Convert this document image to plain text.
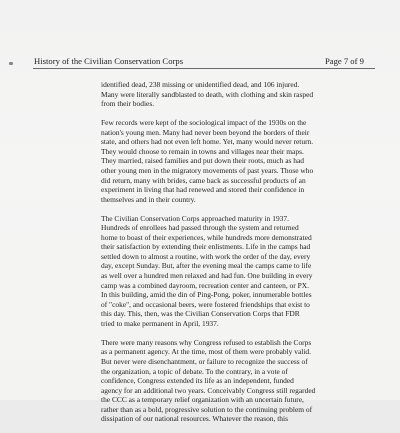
History of the Civilian Conservation Corps	Page 7 of 9
identified dead, 238 missing or unidentified dead, and 106 injured.
Many were literally sandblasted to death, with clothing and skin rasped
from their bodies.
Few records were kept of the sociological impact of the 1930s on the
nation's young men. Many had never been beyond the borders of their
state, and others had not even left home. Yet, many would never return.
They would choose to remain in towns and villages near their maps.
They married, raised families and put down their roots, much as had
other young men in the migratory movements of past years. Those who
did return, many with brides, came back as successful products of an
experiment in living that had renewed and stored their confidence in
themselves and in their country.
The Civilian Conservation Corps approached maturity in 1937.
Hundreds of enrollees had passed through the system and returned
home to boast of their experiences, while hundreds more demonstrated
their satisfaction by extending their enlistments. Life in the camps had
settled down to almost a routine, with work the order of the day, every
day, except Sunday. But, after the evening meal the camps came to life
as well over a hundred men relaxed and had fun. One building in every
camp was a combined dayroom, recreation center and canteen, or PX.
In this building, amid the din of Ping-Pong, poker, innumerable bottles
of "coke", and occasional beers, were fostered friendships that exist to
this day. This, then, was the Civilian Conservation Corps that FDR
tried to make permanent in April, 1937.
There were many reasons why Congress refused to establish the Corps
as a permanent agency. At the time, most of them were probably valid.
But never were disenchantment, or failure to recognize the success of
the organization, a topic of debate. To the contrary, in a vote of
confidence, Congress extended its life as an independent, funded
agency for an additional two years. Conceivably Congress still regarded
the CCC as a temporary relief organization with an uncertain future,
rather than as a bold, progressive solution to the continuing problem of
dissipation of our national resources. Whatever the reason, this
